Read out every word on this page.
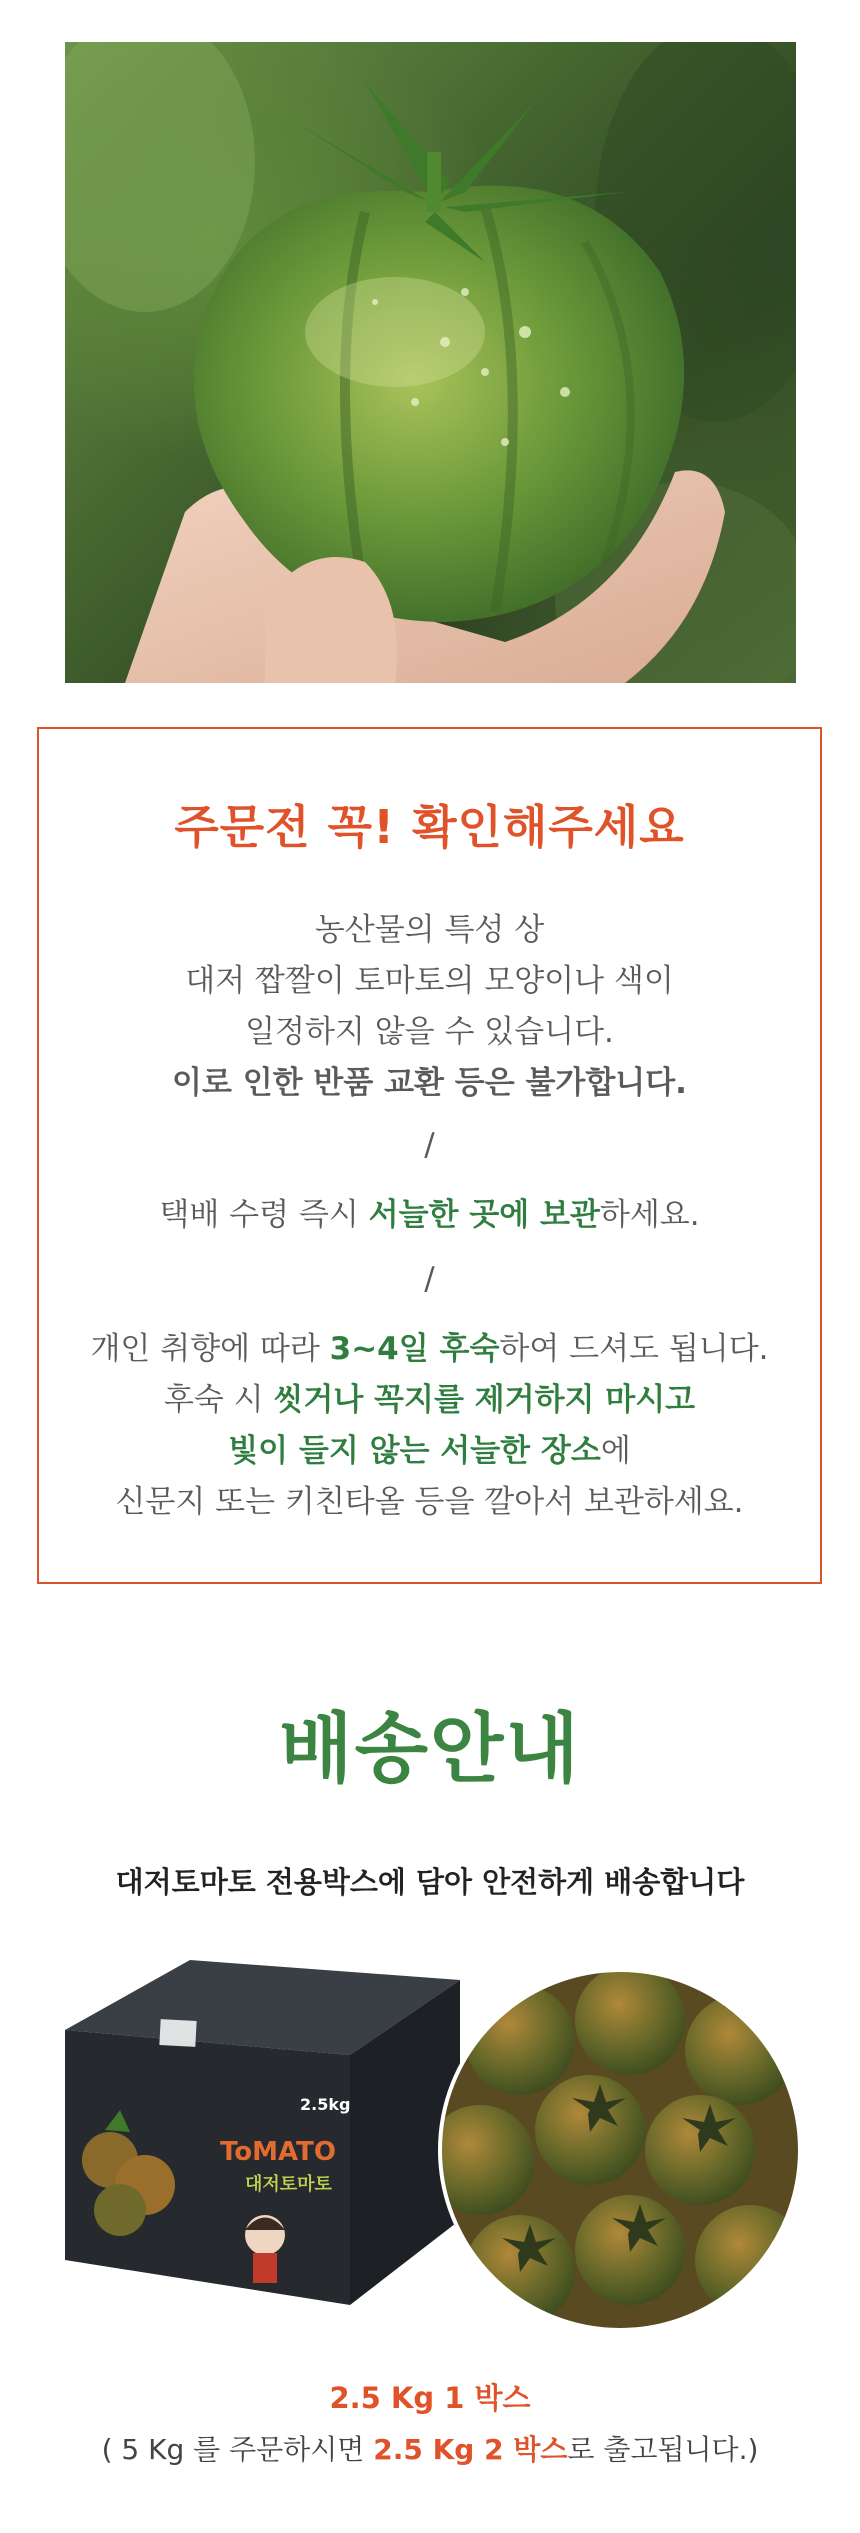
주문전 꼭! 확인해주세요
농산물의 특성 상
대저 짭짤이 토마토의 모양이나 색이
일정하지 않을 수 있습니다.
이로 인한 반품 교환 등은 불가합니다.
/
택배 수령 즉시 서늘한 곳에 보관하세요.
/
개인 취향에 따라 3~4일 후숙하여 드셔도 됩니다.
후숙 시 씻거나 꼭지를 제거하지 마시고
빛이 들지 않는 서늘한 장소에
신문지 또는 키친타올 등을 깔아서 보관하세요.
배송안내
대저토마토 전용박스에 담아 안전하게 배송합니다
ToMATO
대저토마토
2.5kg
2.5 Kg 1 박스
( 5 Kg 를 주문하시면 2.5 Kg 2 박스로 출고됩니다.)
